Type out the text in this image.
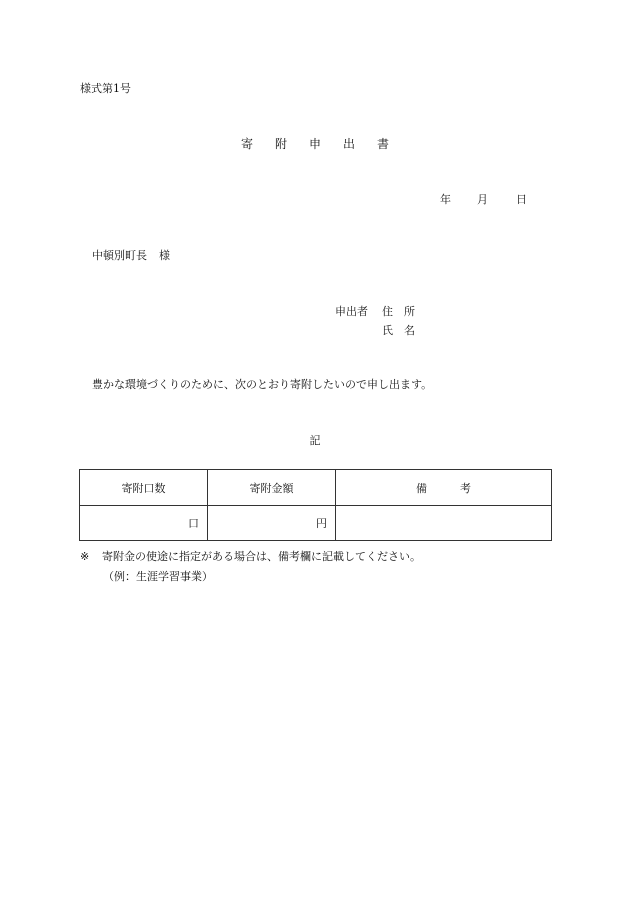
様式第1号
寄 附 申 出 書
年 月	日
中頓別町長 様
申出者 住　所
氏　名
豊かな環境づくりのために、次のとおり寄附したいので申し出ます。
記
寄附口数	寄附金額	備　　　考
口	円	
※ 寄附金の使途に指定がある場合は、備考欄に記載してください。
（例：生涯学習事業）
